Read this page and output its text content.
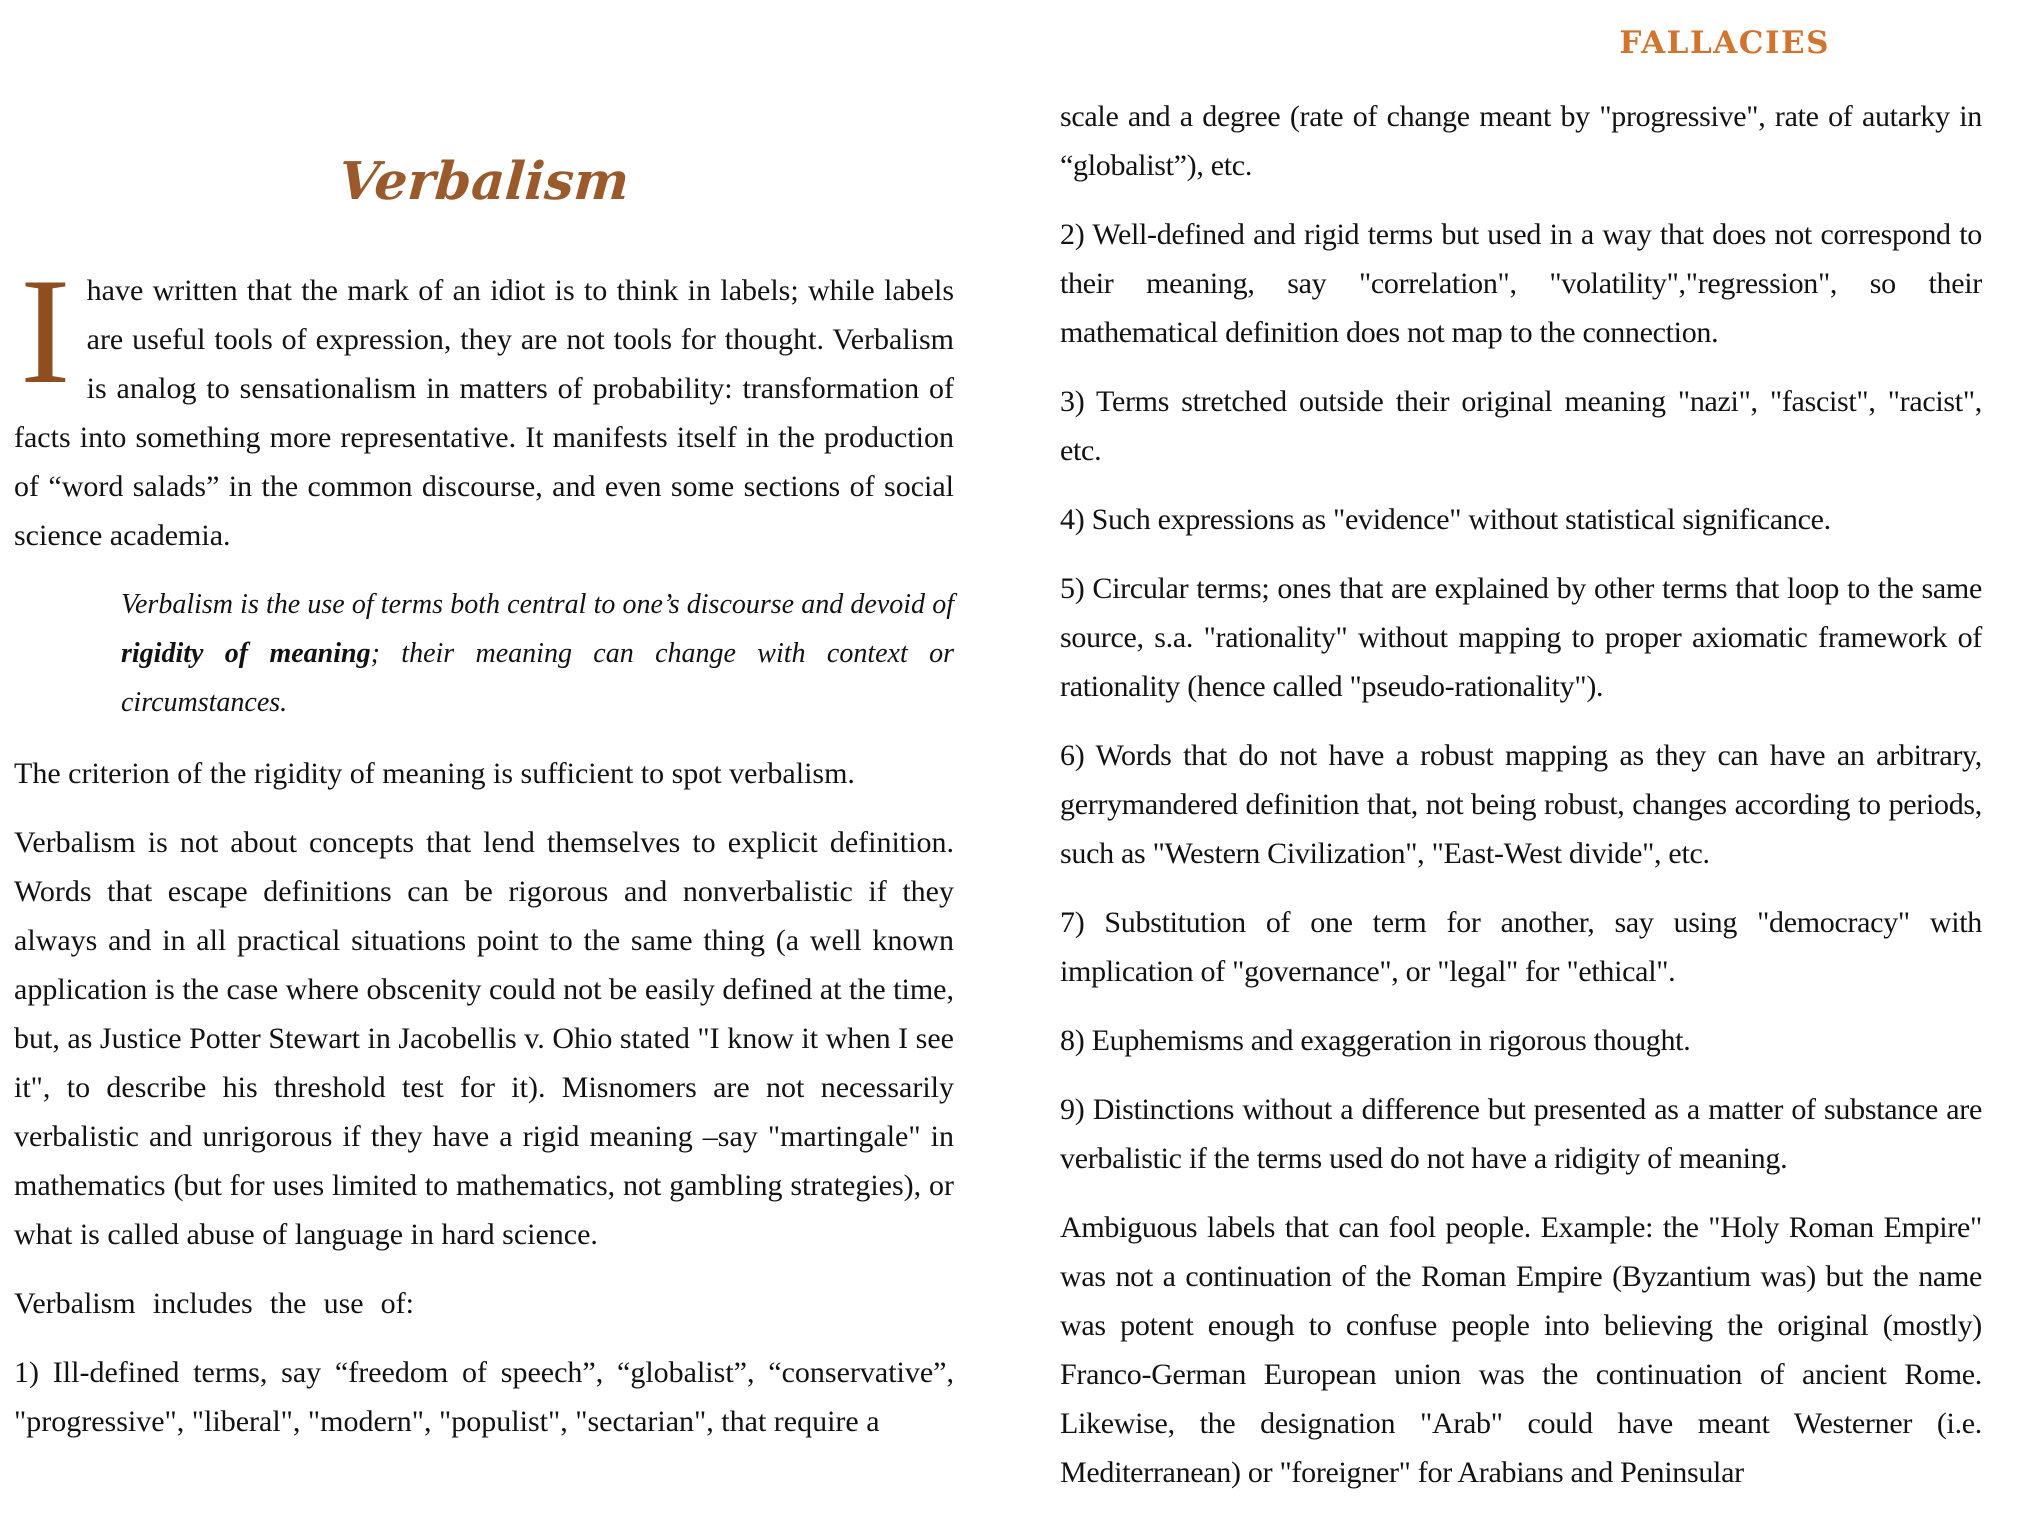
Verbalism

Ihave written that the mark of an idiot is to think in labels; while labels are useful tools of expression, they are not tools for thought. Verbalism is analog to sensationalism in matters of probability: transformation of facts into something more representative. It manifests itself in the production of “word salads” in the common discourse, and even some sections of social science academia.

Verbalism is the use of terms both central to one’s discourse and devoid of rigidity of meaning; their meaning can change with context or circumstances.

The criterion of the rigidity of meaning is sufficient to spot verbalism.

Verbalism is not about concepts that lend themselves to explicit definition. Words that escape definitions can be rigorous and nonverbalistic if they always and in all practical situations point to the same thing (a well known application is the case where obscenity could not be easily defined at the time, but, as Justice Potter Stewart in Jacobellis v. Ohio stated "I know it when I see it", to describe his threshold test for it). Misnomers are not necessarily verbalistic and unrigorous if they have a rigid meaning –say "martingale" in mathematics (but for uses limited to mathematics, not gambling strategies), or what is called abuse of language in hard science.

Verbalism includes the use of:

1) Ill-defined terms, say “freedom of speech”, “globalist”, “conservative”, "progressive", "liberal", "modern", "populist", "sectarian", that require a

FALLACIES

scale and a degree (rate of change meant by "progressive", rate of autarky in “globalist”), etc.

2) Well-defined and rigid terms but used in a way that does not correspond to their meaning, say "correlation", "volatility","regression", so their mathematical definition does not map to the connection.

3) Terms stretched outside their original meaning "nazi", "fascist", "racist", etc.

4) Such expressions as "evidence" without statistical significance.

5) Circular terms; ones that are explained by other terms that loop to the same source, s.a. "rationality" without mapping to proper axiomatic framework of rationality (hence called "pseudo-rationality").

6) Words that do not have a robust mapping as they can have an arbitrary, gerrymandered definition that, not being robust, changes according to periods, such as "Western Civilization", "East-West divide", etc.

7) Substitution of one term for another, say using "democracy" with implication of "governance", or "legal" for "ethical".

8) Euphemisms and exaggeration in rigorous thought.

9) Distinctions without a difference but presented as a matter of substance are verbalistic if the terms used do not have a ridigity of meaning.

Ambiguous labels that can fool people. Example: the "Holy Roman Empire" was not a continuation of the Roman Empire (Byzantium was) but the name was potent enough to confuse people into believing the original (mostly) Franco-German European union was the continuation of ancient Rome. Likewise, the designation "Arab" could have meant Westerner (i.e. Mediterranean) or "foreigner" for Arabians and Peninsular
